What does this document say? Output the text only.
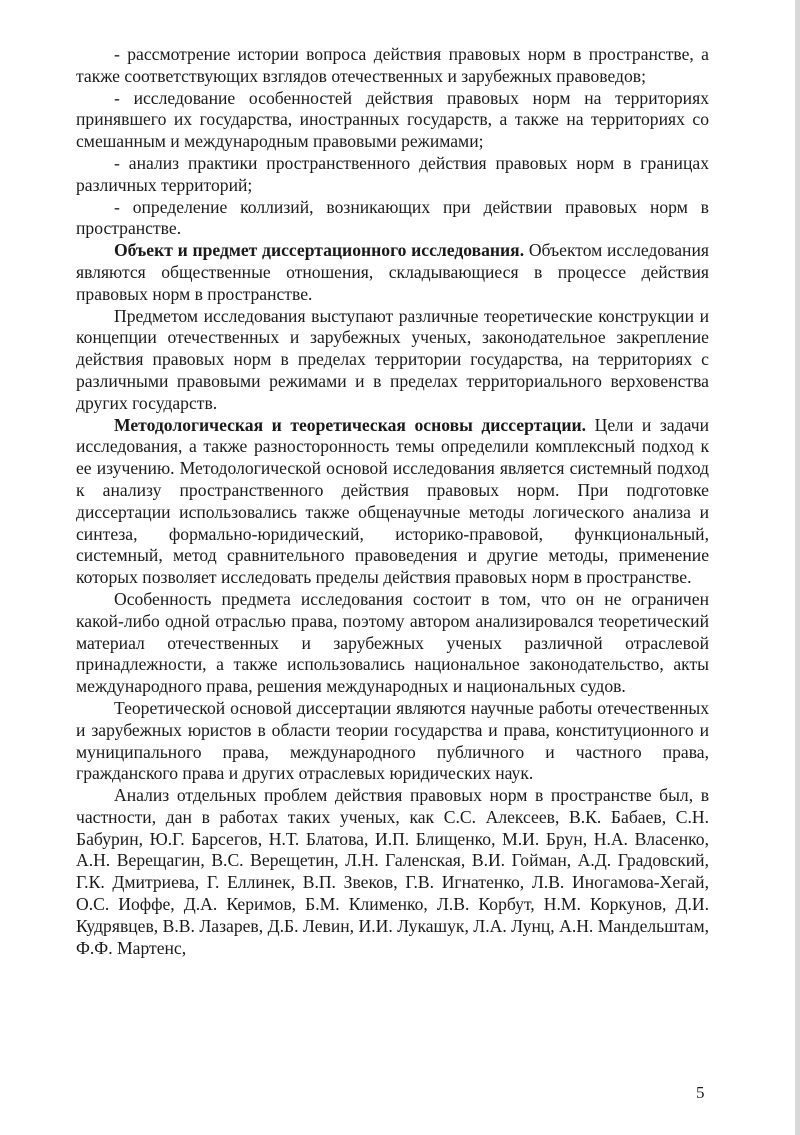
- рассмотрение истории вопроса действия правовых норм в пространстве, а также соответствующих взглядов отечественных и зарубежных правоведов;

- исследование особенностей действия правовых норм на территориях принявшего их государства, иностранных государств, а также на территориях со смешанным и международным правовыми режимами;

- анализ практики пространственного действия правовых норм в границах различных территорий;

- определение коллизий, возникающих при действии правовых норм в пространстве.

Объект и предмет диссертационного исследования. Объектом исследования являются общественные отношения, складывающиеся в процессе действия правовых норм в пространстве.

Предметом исследования выступают различные теоретические конструкции и концепции отечественных и зарубежных ученых, законодательное закрепление действия правовых норм в пределах территории государства, на территориях с различными правовыми режимами и в пределах территориального верховенства других государств.

Методологическая и теоретическая основы диссертации. Цели и задачи исследования, а также разносторонность темы определили комплексный подход к ее изучению. Методологической основой исследования является системный подход к анализу пространственного действия правовых норм. При подготовке диссертации использовались также общенаучные методы логического анализа и синтеза, формально-юридический, историко-правовой, функциональный, системный, метод сравнительного правоведения и другие методы, применение которых позволяет исследовать пределы действия правовых норм в пространстве.

Особенность предмета исследования состоит в том, что он не ограничен какой-либо одной отраслью права, поэтому автором анализировался теоретический материал отечественных и зарубежных ученых различной отраслевой принадлежности, а также использовались национальное законодательство, акты международного права, решения международных и национальных судов.

Теоретической основой диссертации являются научные работы отечественных и зарубежных юристов в области теории государства и права, конституционного и муниципального права, международного публичного и частного права, гражданского права и других отраслевых юридических наук.

Анализ отдельных проблем действия правовых норм в пространстве был, в частности, дан в работах таких ученых, как С.С. Алексеев, В.К. Бабаев, С.Н. Бабурин, Ю.Г. Барсегов, Н.Т. Блатова, И.П. Блищенко, М.И. Брун, Н.А. Власенко, А.Н. Верещагин, В.С. Верещетин, Л.Н. Галенская, В.И. Гойман, А.Д. Градовский, Г.К. Дмитриева, Г. Еллинек, В.П. Звеков, Г.В. Игнатенко, Л.В. Иногамова-Хегай, О.С. Иоффе, Д.А. Керимов, Б.М. Клименко, Л.В. Корбут, Н.М. Коркунов, Д.И. Кудрявцев, В.В. Лазарев, Д.Б. Левин, И.И. Лукашук, Л.А. Лунц, А.Н. Мандельштам, Ф.Ф. Мартенс,

5
